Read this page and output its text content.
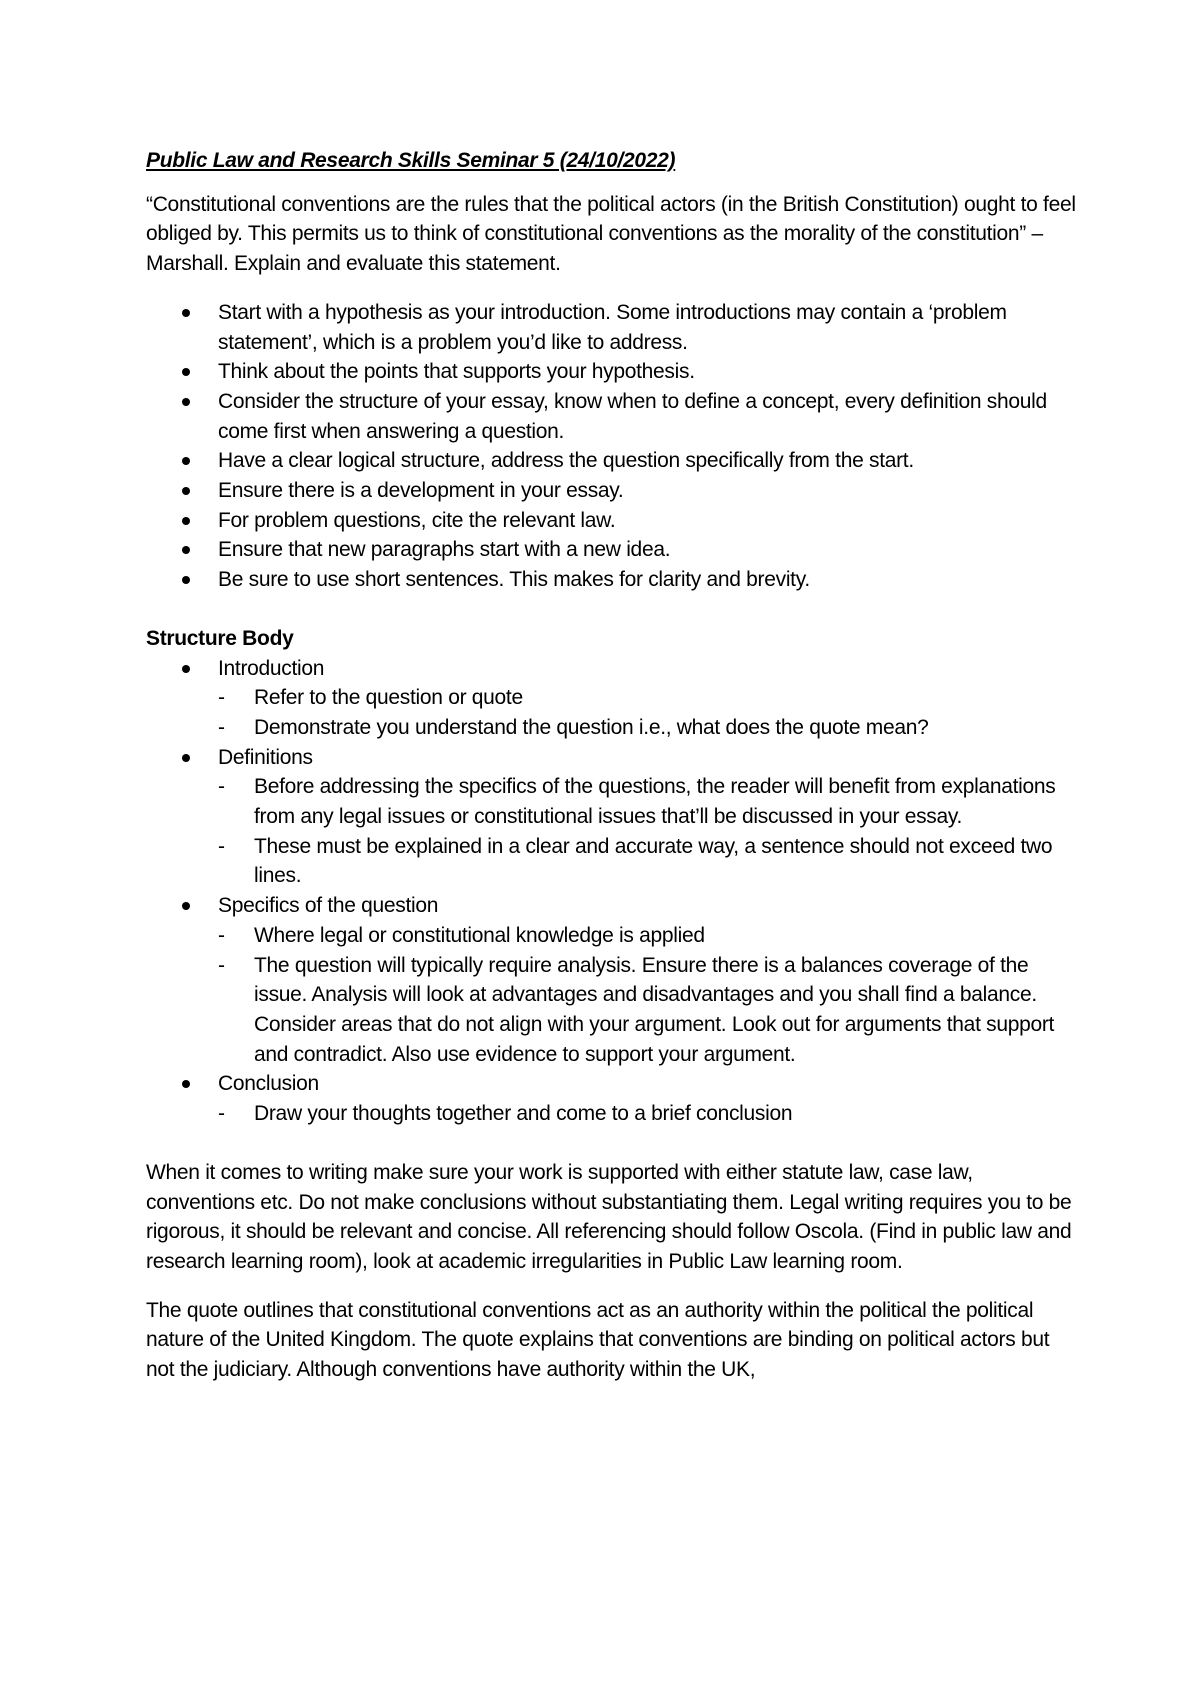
Public Law and Research Skills Seminar 5 (24/10/2022)
“Constitutional conventions are the rules that the political actors (in the British Constitution) ought to feel obliged by. This permits us to think of constitutional conventions as the morality of the constitution” – Marshall. Explain and evaluate this statement.
Start with a hypothesis as your introduction. Some introductions may contain a ‘problem statement’, which is a problem you’d like to address.
Think about the points that supports your hypothesis.
Consider the structure of your essay, know when to define a concept, every definition should come first when answering a question.
Have a clear logical structure, address the question specifically from the start.
Ensure there is a development in your essay.
For problem questions, cite the relevant law.
Ensure that new paragraphs start with a new idea.
Be sure to use short sentences. This makes for clarity and brevity.
Structure Body
Introduction
- Refer to the question or quote
- Demonstrate you understand the question i.e., what does the quote mean?
Definitions
- Before addressing the specifics of the questions, the reader will benefit from explanations from any legal issues or constitutional issues that’ll be discussed in your essay.
- These must be explained in a clear and accurate way, a sentence should not exceed two lines.
Specifics of the question
- Where legal or constitutional knowledge is applied
- The question will typically require analysis. Ensure there is a balances coverage of the issue. Analysis will look at advantages and disadvantages and you shall find a balance. Consider areas that do not align with your argument. Look out for arguments that support and contradict. Also use evidence to support your argument.
Conclusion
- Draw your thoughts together and come to a brief conclusion
When it comes to writing make sure your work is supported with either statute law, case law, conventions etc. Do not make conclusions without substantiating them. Legal writing requires you to be rigorous, it should be relevant and concise. All referencing should follow Oscola. (Find in public law and research learning room), look at academic irregularities in Public Law learning room.
The quote outlines that constitutional conventions act as an authority within the political the political nature of the United Kingdom. The quote explains that conventions are binding on political actors but not the judiciary. Although conventions have authority within the UK,
